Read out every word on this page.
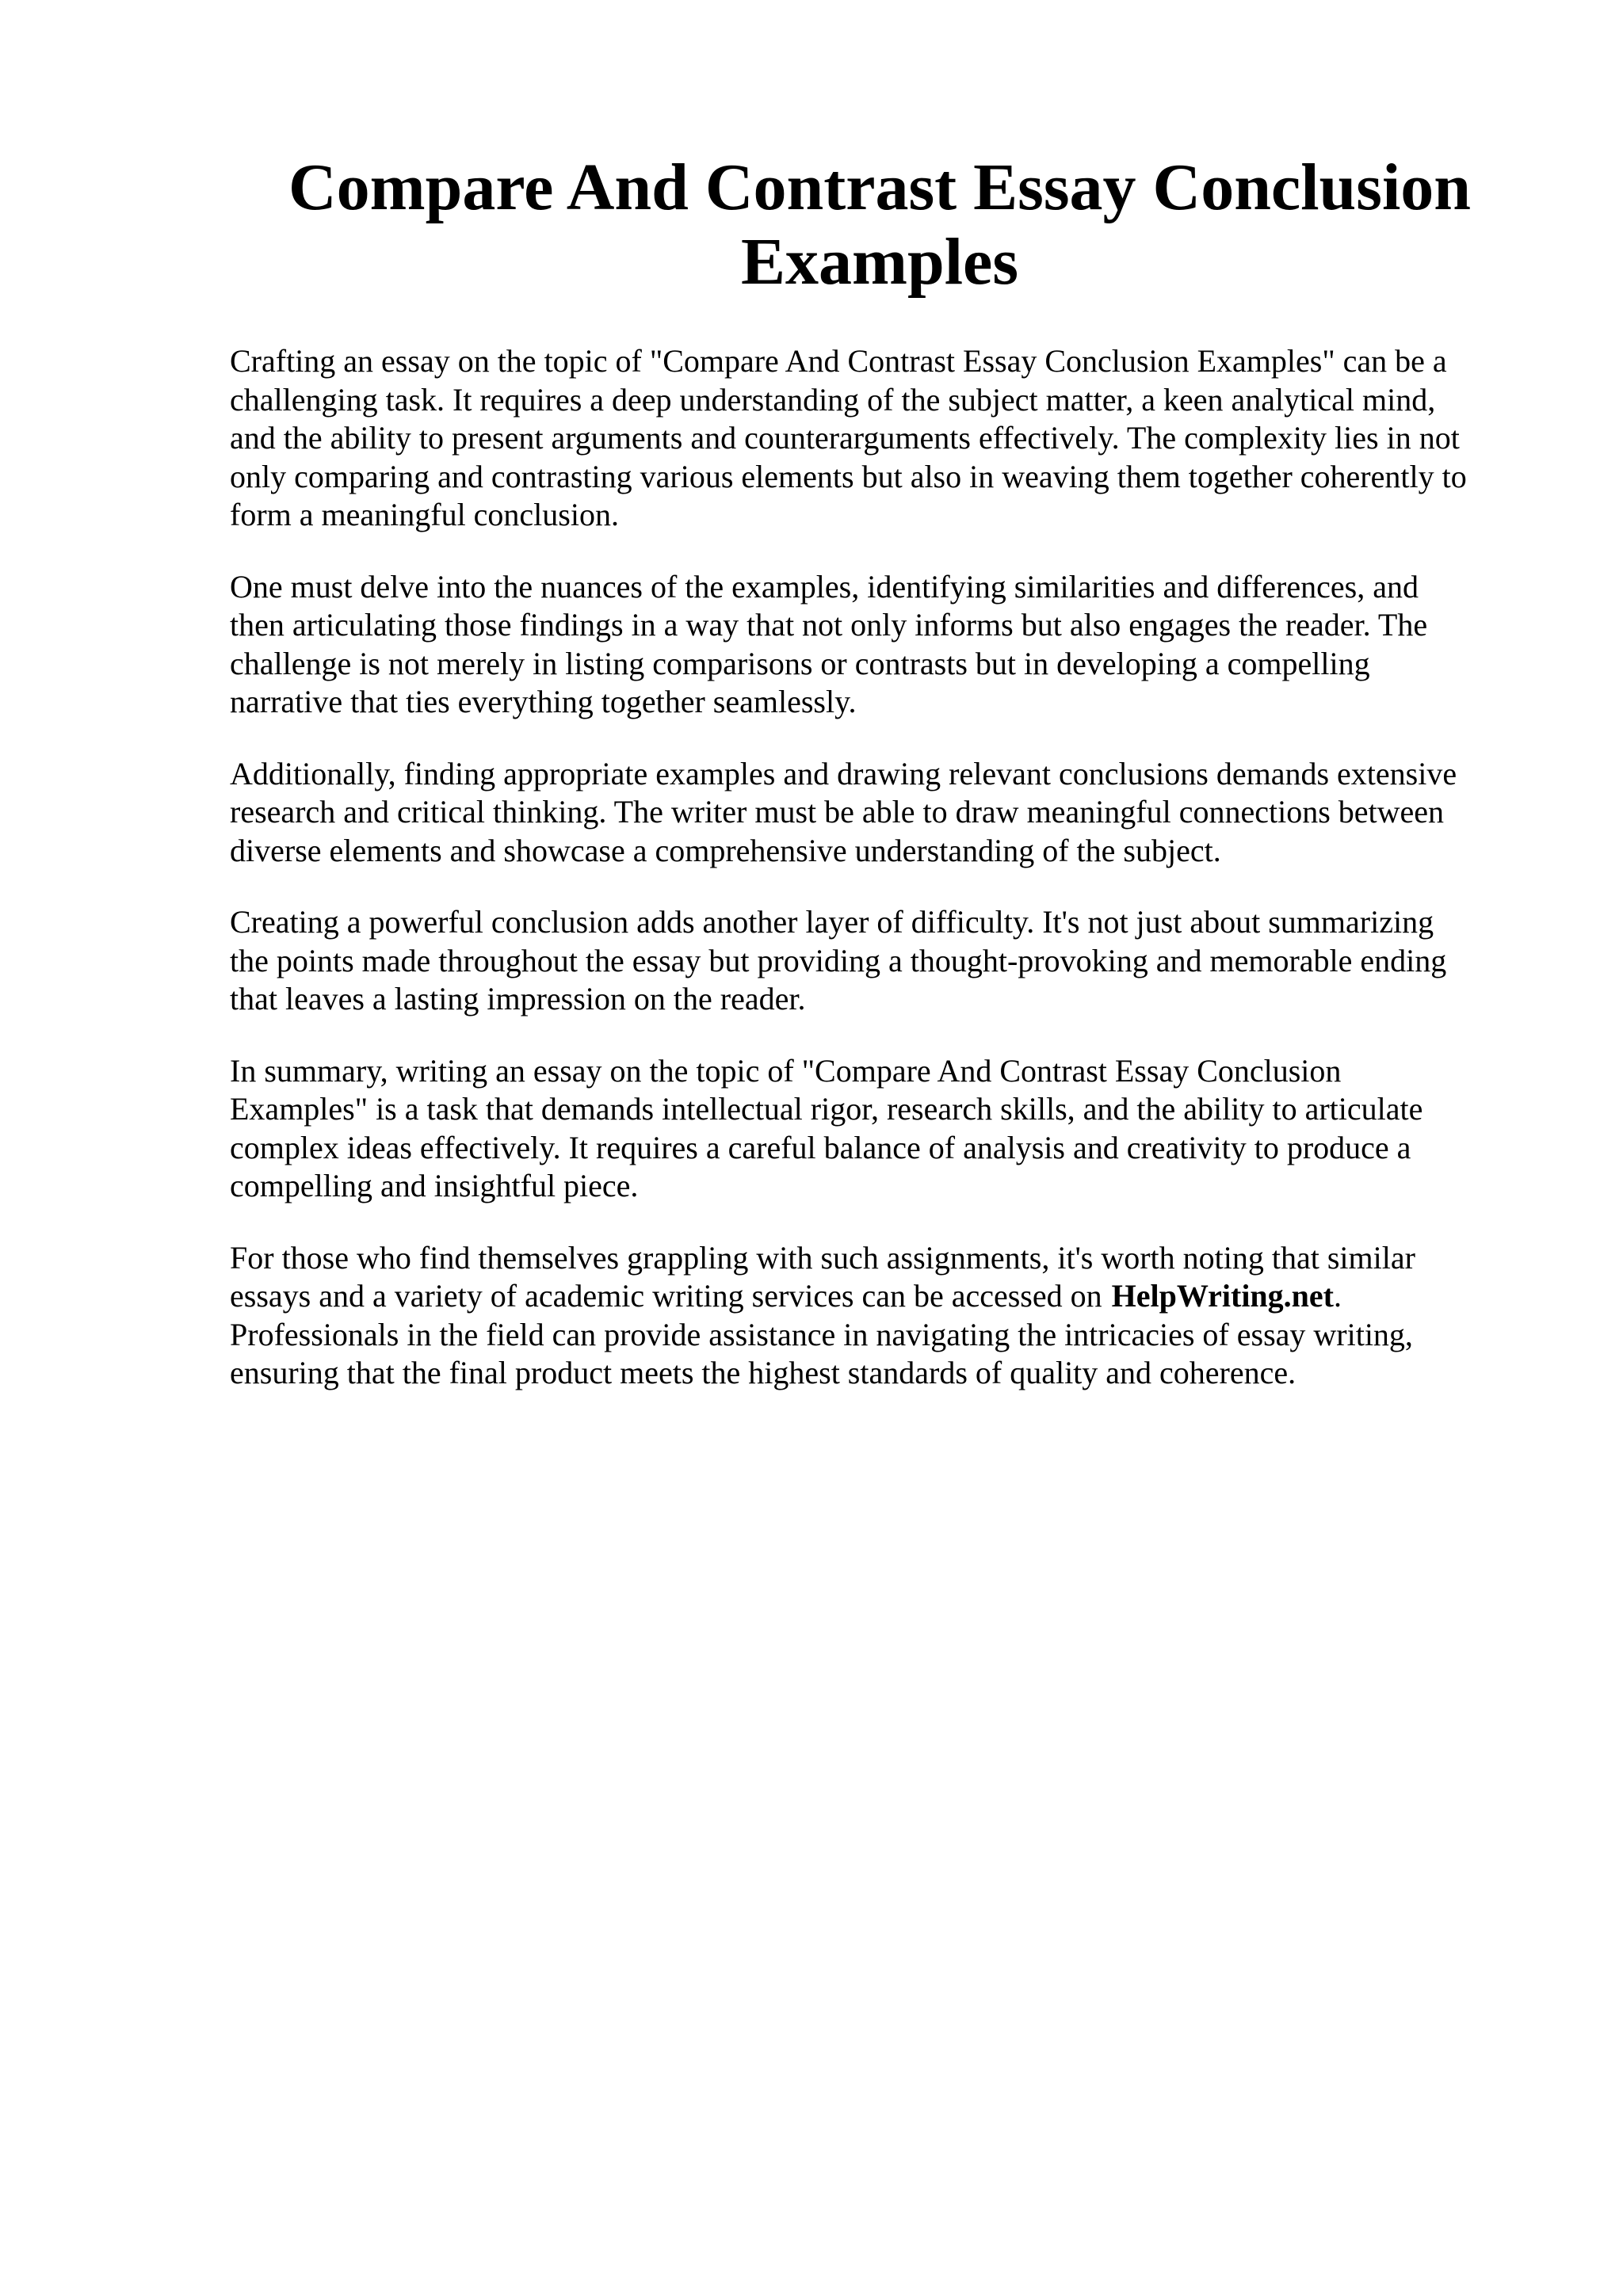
Compare And Contrast Essay Conclusion
Examples

Crafting an essay on the topic of "Compare And Contrast Essay Conclusion Examples" can be a
challenging task. It requires a deep understanding of the subject matter, a keen analytical mind,
and the ability to present arguments and counterarguments effectively. The complexity lies in not
only comparing and contrasting various elements but also in weaving them together coherently to
form a meaningful conclusion.

One must delve into the nuances of the examples, identifying similarities and differences, and
then articulating those findings in a way that not only informs but also engages the reader. The
challenge is not merely in listing comparisons or contrasts but in developing a compelling
narrative that ties everything together seamlessly.

Additionally, finding appropriate examples and drawing relevant conclusions demands extensive
research and critical thinking. The writer must be able to draw meaningful connections between
diverse elements and showcase a comprehensive understanding of the subject.

Creating a powerful conclusion adds another layer of difficulty. It's not just about summarizing
the points made throughout the essay but providing a thought-provoking and memorable ending
that leaves a lasting impression on the reader.

In summary, writing an essay on the topic of "Compare And Contrast Essay Conclusion
Examples" is a task that demands intellectual rigor, research skills, and the ability to articulate
complex ideas effectively. It requires a careful balance of analysis and creativity to produce a
compelling and insightful piece.

For those who find themselves grappling with such assignments, it's worth noting that similar
essays and a variety of academic writing services can be accessed on HelpWriting.net.
Professionals in the field can provide assistance in navigating the intricacies of essay writing,
ensuring that the final product meets the highest standards of quality and coherence.
